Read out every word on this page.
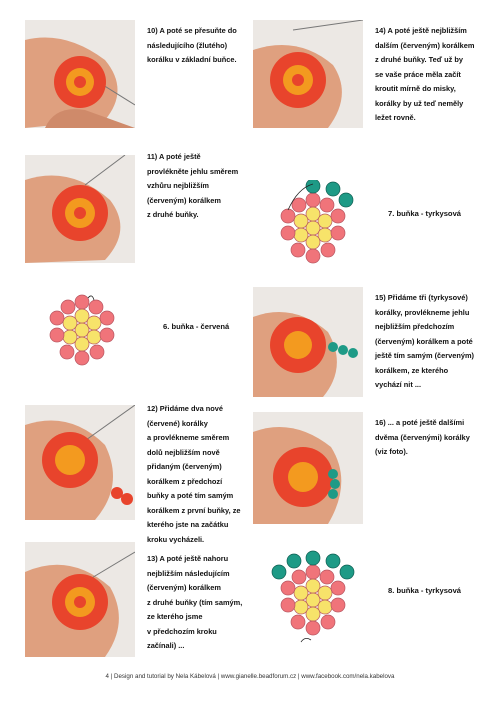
10) A poté se přesuňte do
následujícího (žlutého)
korálku v základní buňce.
11) A poté ještě
provlékněte jehlu směrem
vzhůru nejbližším
(červeným) korálkem
z druhé buňky.
6. buňka - červená
12) Přidáme dva nové
(červené) korálky
a provlékneme směrem
dolů nejbližším nově
přidaným (červeným)
korálkem z předchozí
buňky a poté tím samým
korálkem z první buňky, ze
kterého jste na začátku
kroku vycházeli.
13) A poté ještě nahoru
nejbližším následujícím
(červeným) korálkem
z druhé buňky (tím samým,
ze kterého jsme
v předchozím kroku
začínali) ...
14) A poté ještě nejbližším
dalším (červeným) korálkem
z druhé buňky. Teď už by
se vaše práce měla začít
kroutit mírně do misky,
korálky by už teď neměly
ležet rovně.
7. buňka - tyrkysová
15) Přidáme tři (tyrkysové)
korálky, provlékneme jehlu
nejbližším předchozím
(červeným) korálkem a poté
ještě tím samým (červeným)
korálkem, ze kterého
vychází nit ...
16) ... a poté ještě dalšími
dvěma (červenými) korálky
(viz foto).
8. buňka - tyrkysová
4 | Design and tutorial by Nela Kábelová | www.gianelle.beadforum.cz | www.facebook.com/nela.kabelova
